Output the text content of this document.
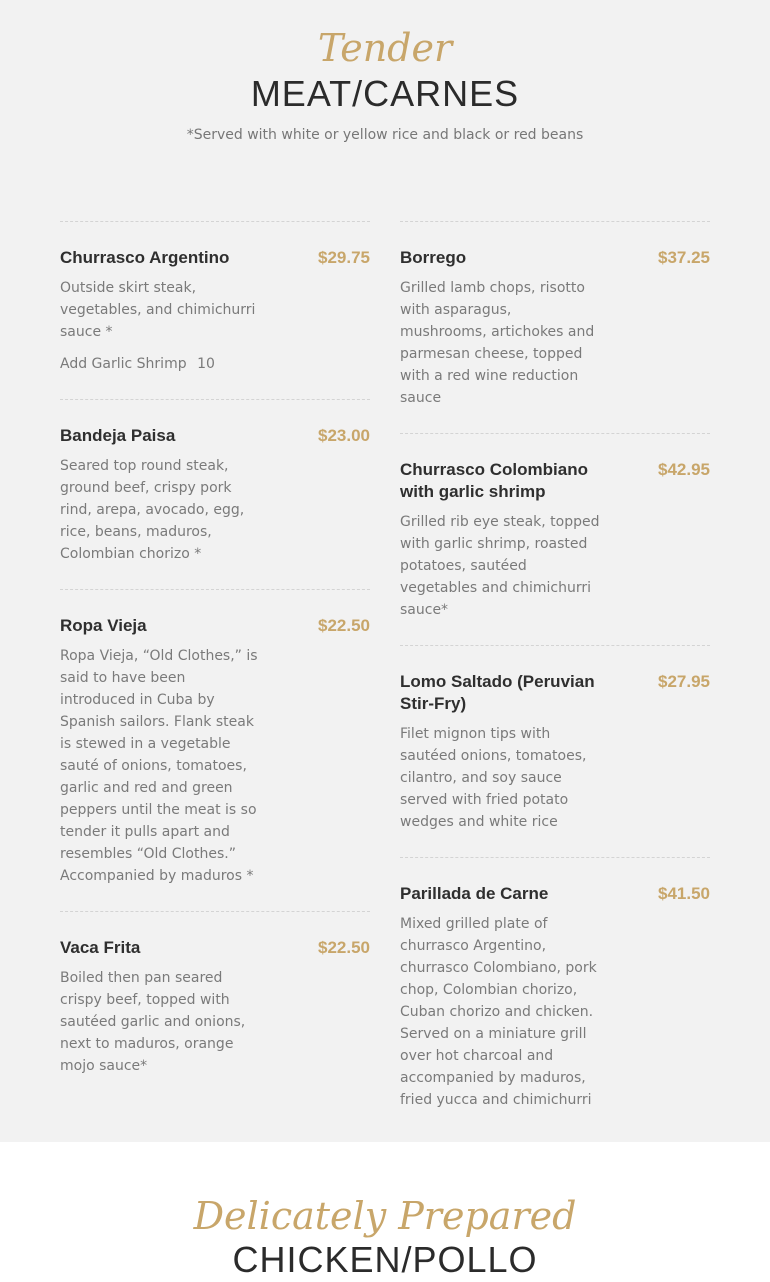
Tender
MEAT/CARNES
*Served with white or yellow rice and black or red beans
Churrasco Argentino	$29.75
Outside skirt steak, vegetables, and chimichurri sauce *
Add Garlic Shrimp 10
Bandeja Paisa	$23.00
Seared top round steak, ground beef, crispy pork rind, arepa, avocado, egg, rice, beans, maduros, Colombian chorizo *
Ropa Vieja	$22.50
Ropa Vieja, “Old Clothes,” is said to have been introduced in Cuba by Spanish sailors. Flank steak is stewed in a vegetable sauté of onions, tomatoes, garlic and red and green peppers until the meat is so tender it pulls apart and resembles “Old Clothes.” Accompanied by maduros *
Vaca Frita	$22.50
Boiled then pan seared crispy beef, topped with sautéed garlic and onions, next to maduros, orange mojo sauce*
Borrego	$37.25
Grilled lamb chops, risotto with asparagus, mushrooms, artichokes and parmesan cheese, topped with a red wine reduction sauce
Churrasco Colombiano with garlic shrimp
$42.95
Grilled rib eye steak, topped with garlic shrimp, roasted potatoes, sautéed vegetables and chimichurri sauce*
Lomo Saltado (Peruvian Stir-Fry)
$27.95
Filet mignon tips with sautéed onions, tomatoes, cilantro, and soy sauce served with fried potato wedges and white rice
Parillada de Carne	$41.50
Mixed grilled plate of churrasco Argentino, churrasco Colombiano, pork chop, Colombian chorizo, Cuban chorizo and chicken. Served on a miniature grill over hot charcoal and accompanied by maduros, fried yucca and chimichurri
Delicately Prepared
CHICKEN/POLLO
